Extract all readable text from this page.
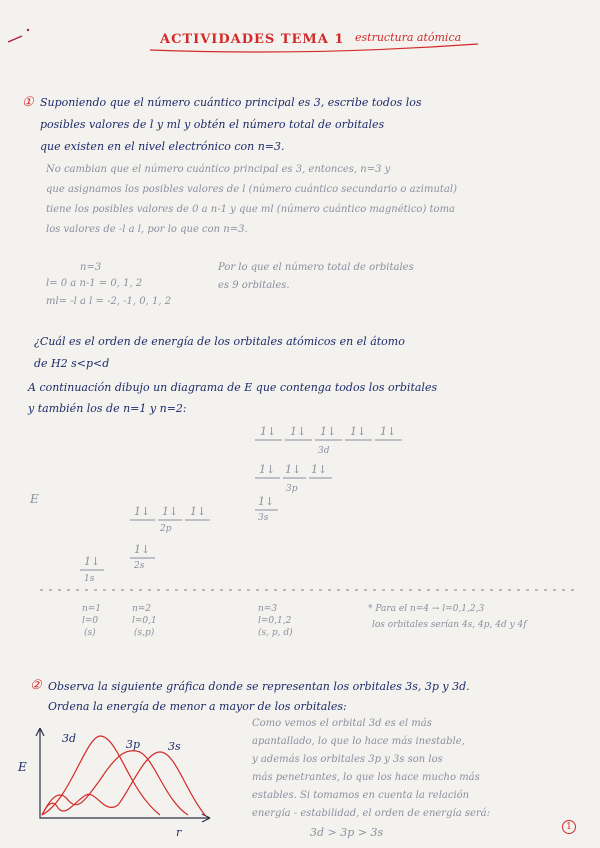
ACTIVIDADES TEMA 1 estructura atómica
① Suponiendo que el número cuántico principal es 3, escribe todos los
posibles valores de l y ml y obtén el número total de orbitales
que existen en el nivel electrónico con n=3.
No cambian que el número cuántico principal es 3, entonces, n=3 y
que asignamos los posibles valores de l (número cuántico secundario o azimutal)
tiene los posibles valores de 0 a n-1 y que ml (número cuántico magnético) toma
los valores de -l a l, por lo que con n=3.
n=3
l= 0 a n-1 = 0, 1, 2
ml= -l a l = -2, -1, 0, 1, 2
Por lo que el número total de orbitales
es 9 orbitales.
¿Cuál es el orden de energía de los orbitales atómicos en el átomo
de H2 s<p<d
A continuación dibujo un diagrama de E que contenga todos los orbitales
y también los de n=1 y n=2:
E
1↓ 1↓ 1↓ 1↓ 1↓
3d
1↓ 1↓ 1↓
3p
1↓
3s
1↓ 1↓ 1↓
2p
1↓
2s
1↓
1s
n=1
l=0
(s)
n=2
l=0,1
(s,p)
n=3
l=0,1,2
(s, p, d)
* Para el n=4 → l=0,1,2,3
los orbitales serían 4s, 4p, 4d y 4f
② Observa la siguiente gráfica donde se representan los orbitales 3s, 3p y 3d.
Ordena la energía de menor a mayor de los orbitales:
3d	3p	3s
E
r
Como vemos el orbital 3d es el más
apantallado, lo que lo hace más inestable,
y además los orbitales 3p y 3s son los
más penetrantes, lo que los hace mucho más
estables. Si tomamos en cuenta la relación
energía - estabilidad, el orden de energía será:
3d > 3p > 3s	1
